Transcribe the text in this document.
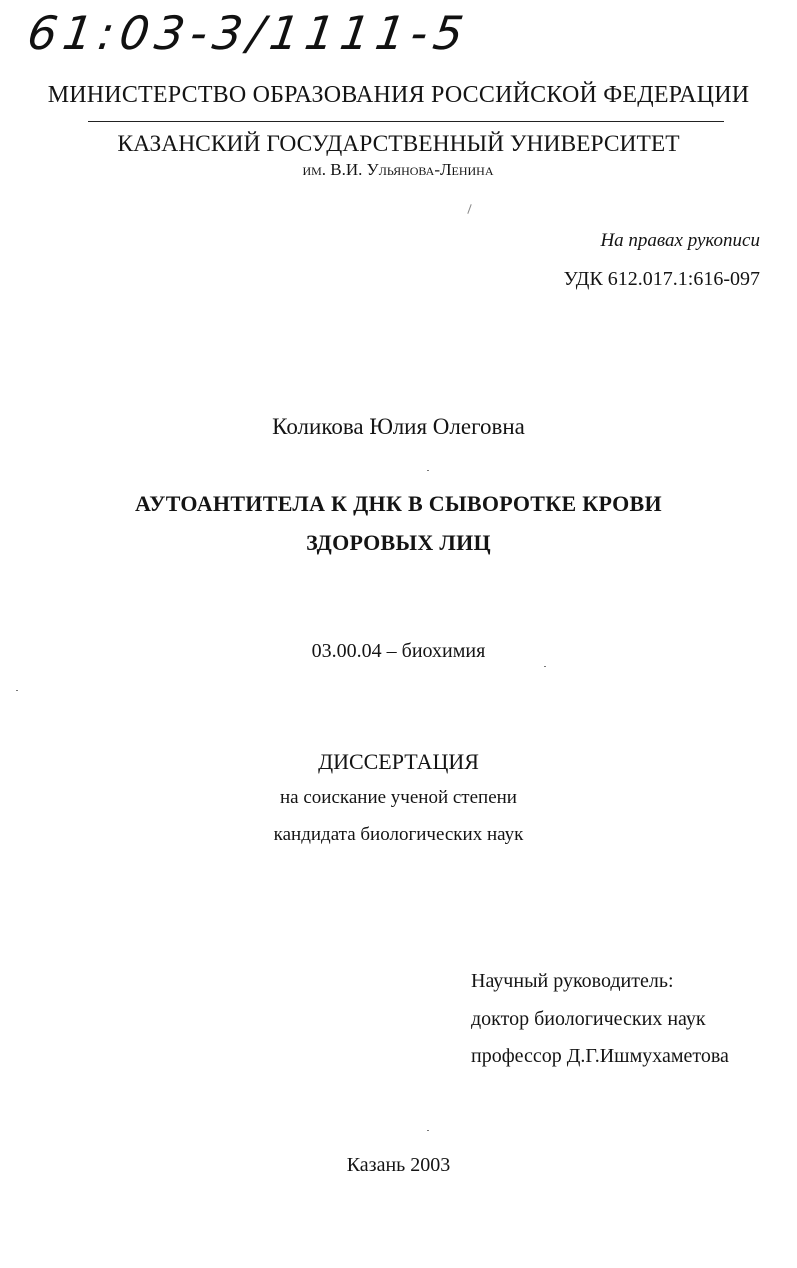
61:03-3/1111-5
МИНИСТЕРСТВО ОБРАЗОВАНИЯ РОССИЙСКОЙ ФЕДЕРАЦИИ
КАЗАНСКИЙ ГОСУДАРСТВЕННЫЙ УНИВЕРСИТЕТ
им. В.И. Ульянова-Ленина
На правах рукописи
УДК 612.017.1:616-097
Коликова Юлия Олеговна
АУТОАНТИТЕЛА К ДНК В СЫВОРОТКЕ КРОВИ
ЗДОРОВЫХ ЛИЦ
03.00.04 – биохимия
ДИССЕРТАЦИЯ
на соискание ученой степени
кандидата биологических наук
Научный руководитель:
доктор биологических наук
профессор Д.Г.Ишмухаметова
Казань 2003
